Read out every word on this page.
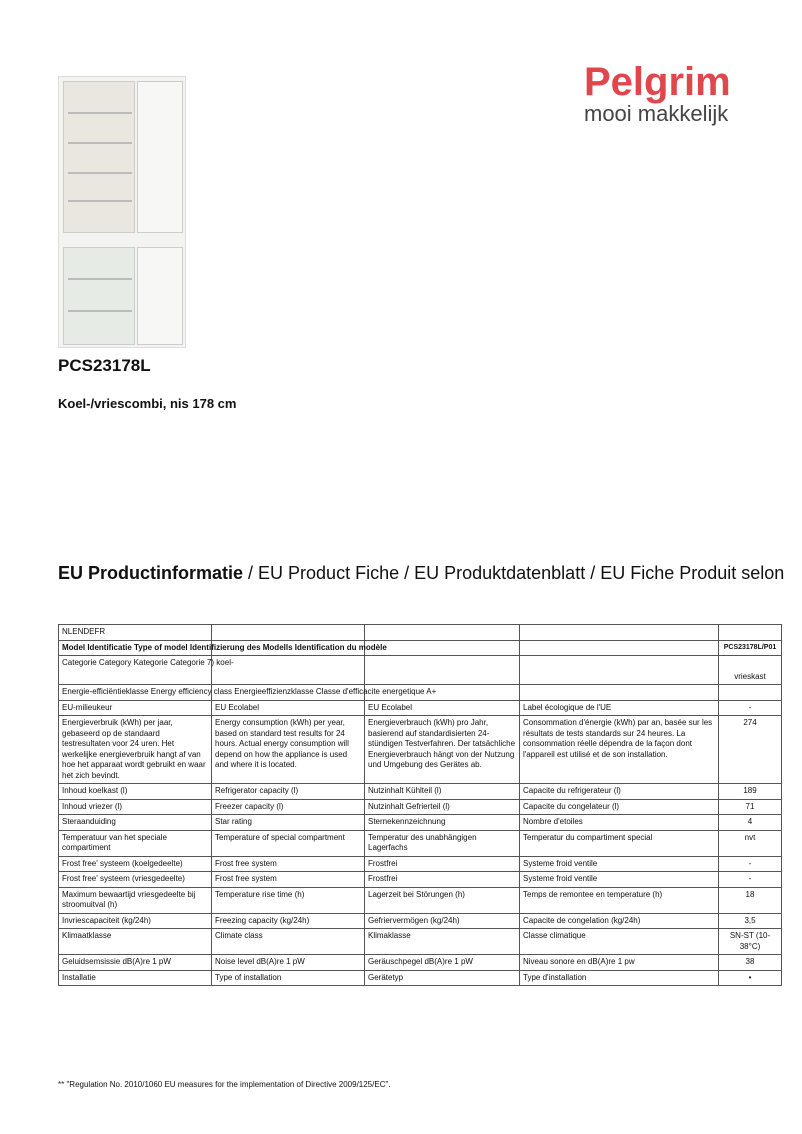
Pelgrim
mooi makkelijk
PCS23178L
Koel-/vriescombi, nis 178 cm
EU Productinformatie / EU Product Fiche / EU Produktdatenblatt / EU Fiche Produit selon
NLENDEFR				
Model Identificatie Type of model Identifizierung des Modells Identification du modèle				PCS23178L/P01
Categorie Category Kategorie Categorie 7) koel-				vrieskast
Energie-efficiëntieklasse Energy efficiency class Energieeffizienzklasse Classe d'efficacite energetique A+				
EU-milieukeur	EU Ecolabel	EU Ecolabel	Label écologique de l'UE	-
Energieverbruik (kWh) per jaar, gebaseerd op de standaard testresultaten voor 24 uren. Het werkelijke energieverbruik hangt af van hoe het apparaat wordt gebruikt en waar het zich bevindt.	Energy consumption (kWh) per year, based on standard test results for 24 hours. Actual energy consumption will depend on how the appliance is used and where it is located.	Energieverbrauch (kWh) pro Jahr, basierend auf standardisierten 24-stündigen Testverfahren. Der tatsächliche Energieverbrauch hängt von der Nutzung und Umgebung des Gerätes ab.	Consommation d'énergie (kWh) par an, basée sur les résultats de tests standards sur 24 heures. La consommation réelle dépendra de la façon dont l'appareil est utilisé et de son installation.	274
Inhoud koelkast (l)	Refrigerator capacity (l)	Nutzinhalt Kühlteil (l)	Capacite du refrigerateur (l)	189
Inhoud vriezer (l)	Freezer capacity (l)	Nutzinhalt Gefrierteil (l)	Capacite du congelateur (l)	71
Steraanduiding	Star rating	Sternekennzeichnung	Nombre d'etoiles	4
Temperatuur van het speciale compartiment	Temperature of special compartment	Temperatur des unabhängigen Lagerfachs	Temperatur du compartiment special	nvt
Frost free' systeem (koelgedeelte)	Frost free system	Frostfrei	Systeme froid ventile	-
Frost free' systeem (vriesgedeelte)	Frost free system	Frostfrei	Systeme froid ventile	-
Maximum bewaartijd vriesgedeelte bij stroomuitval (h)	Temperature rise time (h)	Lagerzeit bei Störungen (h)	Temps de remontee en temperature (h)	18
Invriescapaciteit (kg/24h)	Freezing capacity (kg/24h)	Gefriervermögen (kg/24h)	Capacite de congelation (kg/24h)	3,5
Klimaatklasse	Climate class	Klimaklasse	Classe climatique	SN-ST (10-38°C)
Geluidsemsissie dB(A)re 1 pW	Noise level dB(A)re 1 pW	Geräuschpegel dB(A)re 1 pW	Niveau sonore en dB(A)re 1 pw	38
Installatie	Type of installation	Gerätetyp	Type d'installation	•
** "Regulation No. 2010/1060 EU measures for the implementation of Directive 2009/125/EC".
